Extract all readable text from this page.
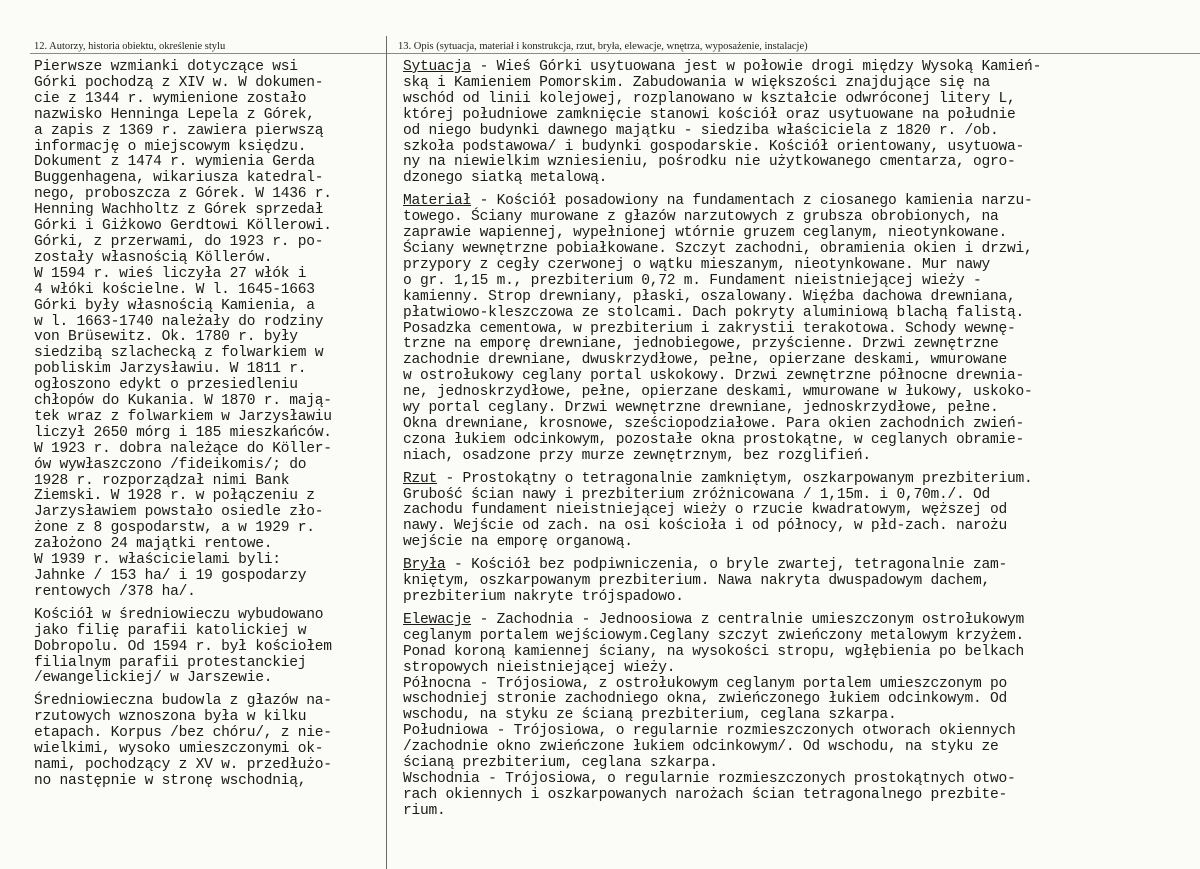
12. Autorzy, historia obiektu, określenie stylu	13. Opis (sytuacja, materiał i konstrukcja, rzut, bryła, elewacje, wnętrza, wyposażenie, instalacje)

Pierwsze wzmianki dotyczące wsi

Górki pochodzą z XIV w. W dokumen-

cie z 1344 r. wymienione zostało

nazwisko Henninga Lepela z Górek,

a zapis z 1369 r. zawiera pierwszą

informację o miejscowym księdzu.

Dokument z 1474 r. wymienia Gerda

Buggenhagena, wikariusza katedral-

nego, proboszcza z Górek. W 1436 r.

Henning Wachholtz z Górek sprzedał

Górki i Giżkowo Gerdtowi Köllerowi.

Górki, z przerwami, do 1923 r. po-

zostały własnością Köllerów.

W 1594 r. wieś liczyła 27 włók i

4 włóki kościelne. W l. 1645-1663

Górki były własnością Kamienia, a

w l. 1663-1740 należały do rodziny

von Brüsewitz. Ok. 1780 r. były

siedzibą szlachecką z folwarkiem w

pobliskim Jarzysławiu. W 1811 r.

ogłoszono edykt o przesiedleniu

chłopów do Kukania. W 1870 r. mają-

tek wraz z folwarkiem w Jarzysławiu

liczył 2650 mórg i 185 mieszkańców.

W 1923 r. dobra należące do Köller-

ów wywłaszczono /fideikomis/; do

1928 r. rozporządzał nimi Bank

Ziemski. W 1928 r. w połączeniu z

Jarzysławiem powstało osiedle zło-

żone z 8 gospodarstw, a w 1929 r.

założono 24 majątki rentowe.

W 1939 r. właścicielami byli:

Jahnke / 153 ha/ i 19 gospodarzy

rentowych /378 ha/.

Kościół w średniowieczu wybudowano

jako filię parafii katolickiej w

Dobropolu. Od 1594 r. był kościołem

filialnym parafii protestanckiej

/ewangelickiej/ w Jarszewie.

Średniowieczna budowla z głazów na-

rzutowych wznoszona była w kilku

etapach. Korpus /bez chóru/, z nie-

wielkimi, wysoko umieszczonymi ok-

nami, pochodzący z XV w. przedłużo-

no następnie w stronę wschodnią,

Sytuacja - Wieś Górki usytuowana jest w połowie drogi między Wysoką Kamień-

ską i Kamieniem Pomorskim. Zabudowania w większości znajdujące się na

wschód od linii kolejowej, rozplanowano w kształcie odwróconej litery L,

której południowe zamknięcie stanowi kościół oraz usytuowane na południe

od niego budynki dawnego majątku - siedziba właściciela z 1820 r. /ob.

szkoła podstawowa/ i budynki gospodarskie. Kościół orientowany, usytuowa-

ny na niewielkim wzniesieniu, pośrodku nie użytkowanego cmentarza, ogro-

dzonego siatką metalową.

Materiał - Kościół posadowiony na fundamentach z ciosanego kamienia narzu-

towego. Ściany murowane z głazów narzutowych z grubsza obrobionych, na

zaprawie wapiennej, wypełnionej wtórnie gruzem ceglanym, nieotynkowane.

Ściany wewnętrzne pobiałkowane. Szczyt zachodni, obramienia okien i drzwi,

przypory z cegły czerwonej o wątku mieszanym, nieotynkowane. Mur nawy

o gr. 1,15 m., prezbiterium 0,72 m. Fundament nieistniejącej wieży -

kamienny. Strop drewniany, płaski, oszalowany. Więźba dachowa drewniana,

płatwiowo-kleszczowa ze stolcami. Dach pokryty aluminiową blachą falistą.

Posadzka cementowa, w prezbiterium i zakrystii terakotowa. Schody wewnę-

trzne na emporę drewniane, jednobiegowe, przyścienne. Drzwi zewnętrzne

zachodnie drewniane, dwuskrzydłowe, pełne, opierzane deskami, wmurowane

w ostrołukowy ceglany portal uskokowy. Drzwi zewnętrzne północne drewnia-

ne, jednoskrzydłowe, pełne, opierzane deskami, wmurowane w łukowy, uskoko-

wy portal ceglany. Drzwi wewnętrzne drewniane, jednoskrzydłowe, pełne.

Okna drewniane, krosnowe, sześciopodziałowe. Para okien zachodnich zwień-

czona łukiem odcinkowym, pozostałe okna prostokątne, w ceglanych obramie-

niach, osadzone przy murze zewnętrznym, bez rozglifień.

Rzut - Prostokątny o tetragonalnie zamkniętym, oszkarpowanym prezbiterium.

Grubość ścian nawy i prezbiterium zróżnicowana / 1,15m. i 0,70m./. Od

zachodu fundament nieistniejącej wieży o rzucie kwadratowym, węższej od

nawy. Wejście od zach. na osi kościoła i od północy, w płd-zach. narożu

wejście na emporę organową.

Bryła - Kościół bez podpiwniczenia, o bryle zwartej, tetragonalnie zam-

kniętym, oszkarpowanym prezbiterium. Nawa nakryta dwuspadowym dachem,

prezbiterium nakryte trójspadowo.

Elewacje - Zachodnia - Jednoosiowa z centralnie umieszczonym ostrołukowym

ceglanym portalem wejściowym.Ceglany szczyt zwieńczony metalowym krzyżem.

Ponad koroną kamiennej ściany, na wysokości stropu, wgłębienia po belkach

stropowych nieistniejącej wieży.

Północna - Trójosiowa, z ostrołukowym ceglanym portalem umieszczonym po

wschodniej stronie zachodniego okna, zwieńczonego łukiem odcinkowym. Od

wschodu, na styku ze ścianą prezbiterium, ceglana szkarpa.

Południowa - Trójosiowa, o regularnie rozmieszczonych otworach okiennych

/zachodnie okno zwieńczone łukiem odcinkowym/. Od wschodu, na styku ze

ścianą prezbiterium, ceglana szkarpa.

Wschodnia - Trójosiowa, o regularnie rozmieszczonych prostokątnych otwo-

rach okiennych i oszkarpowanych narożach ścian tetragonalnego prezbite-

rium.
